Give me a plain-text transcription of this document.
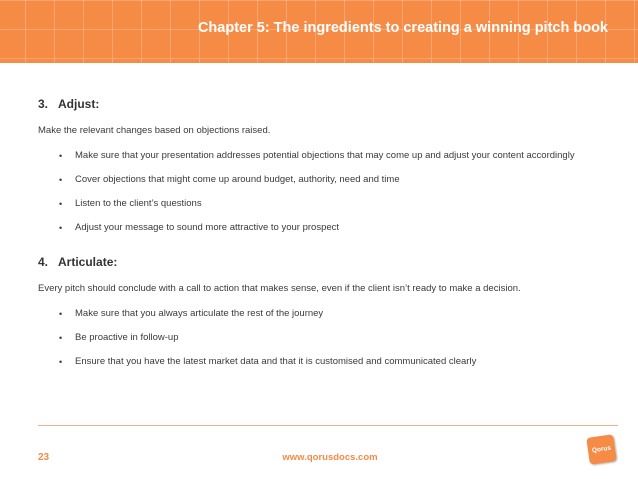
Chapter 5: The ingredients to creating a winning pitch book
3. Adjust:

Make the relevant changes based on objections raised.

• Make sure that your presentation addresses potential objections that may come up and adjust your content accordingly
• Cover objections that might come up around budget, authority, need and time
• Listen to the client’s questions
• Adjust your message to sound more attractive to your prospect
4. Articulate:

Every pitch should conclude with a call to action that makes sense, even if the client isn’t ready to make a decision.

• Make sure that you always articulate the rest of the journey
• Be proactive in follow-up
• Ensure that you have the latest market data and that it is customised and communicated clearly
23	www.qorusdocs.com
Qorus
